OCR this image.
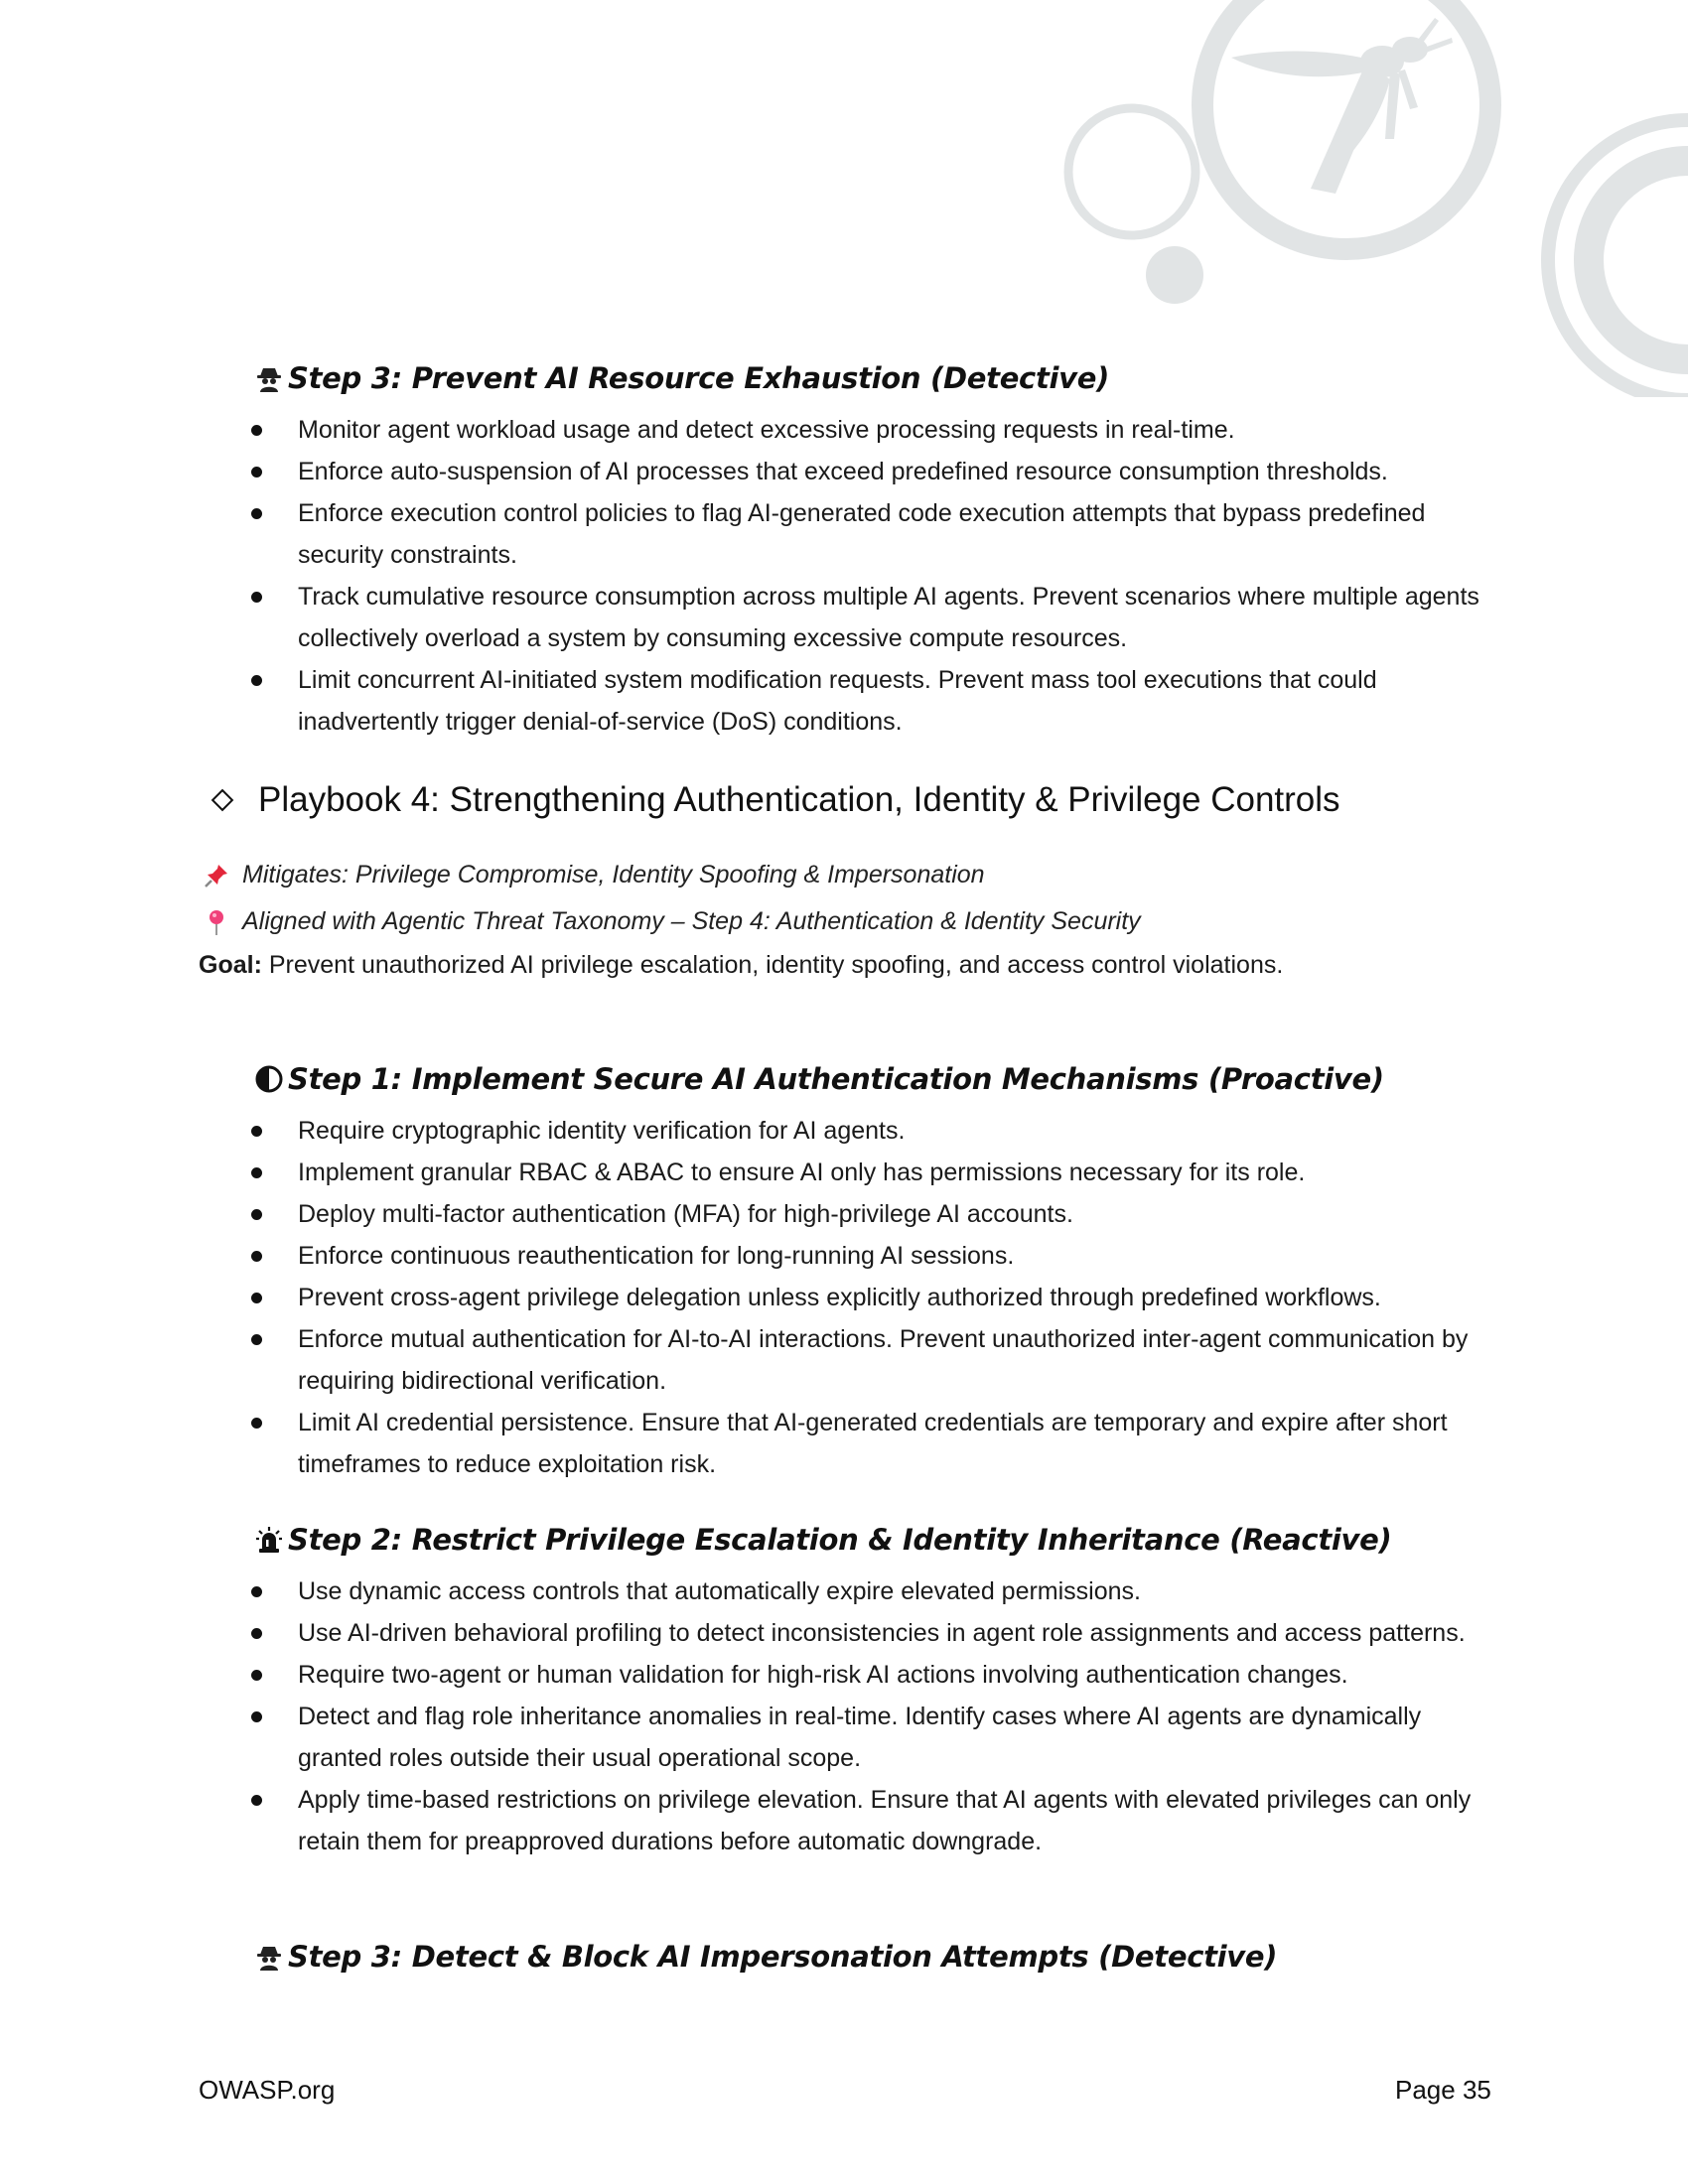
Step 3: Prevent AI Resource Exhaustion (Detective)
Monitor agent workload usage and detect excessive processing requests in real-time.
Enforce auto-suspension of AI processes that exceed predefined resource consumption thresholds.
Enforce execution control policies to flag AI-generated code execution attempts that bypass predefined security constraints.
Track cumulative resource consumption across multiple AI agents. Prevent scenarios where multiple agents collectively overload a system by consuming excessive compute resources.
Limit concurrent AI-initiated system modification requests. Prevent mass tool executions that could inadvertently trigger denial-of-service (DoS) conditions.
Playbook 4: Strengthening Authentication, Identity & Privilege Controls
Mitigates: Privilege Compromise, Identity Spoofing & Impersonation
Aligned with Agentic Threat Taxonomy – Step 4: Authentication & Identity Security
Goal: Prevent unauthorized AI privilege escalation, identity spoofing, and access control violations.
Step 1: Implement Secure AI Authentication Mechanisms (Proactive)
Require cryptographic identity verification for AI agents.
Implement granular RBAC & ABAC to ensure AI only has permissions necessary for its role.
Deploy multi-factor authentication (MFA) for high-privilege AI accounts.
Enforce continuous reauthentication for long-running AI sessions.
Prevent cross-agent privilege delegation unless explicitly authorized through predefined workflows.
Enforce mutual authentication for AI-to-AI interactions. Prevent unauthorized inter-agent communication by requiring bidirectional verification.
Limit AI credential persistence. Ensure that AI-generated credentials are temporary and expire after short timeframes to reduce exploitation risk.
Step 2: Restrict Privilege Escalation & Identity Inheritance (Reactive)
Use dynamic access controls that automatically expire elevated permissions.
Use AI-driven behavioral profiling to detect inconsistencies in agent role assignments and access patterns.
Require two-agent or human validation for high-risk AI actions involving authentication changes.
Detect and flag role inheritance anomalies in real-time. Identify cases where AI agents are dynamically granted roles outside their usual operational scope.
Apply time-based restrictions on privilege elevation. Ensure that AI agents with elevated privileges can only retain them for preapproved durations before automatic downgrade.
Step 3: Detect & Block AI Impersonation Attempts (Detective)
OWASP.org	Page 35
